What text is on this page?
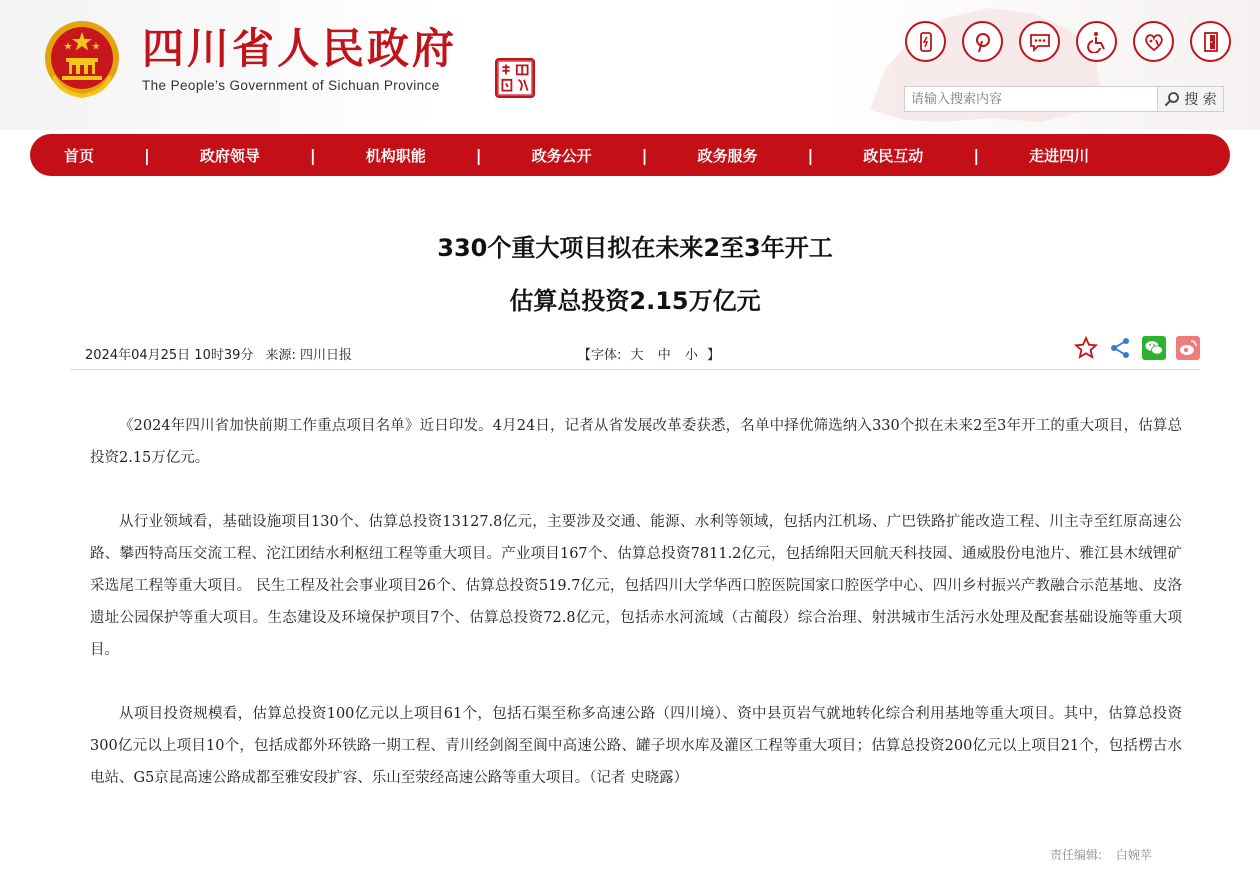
四川省人民政府
The People’s Government of Sichuan Province
请输入搜索内容
搜 索
首页	|	政府领导	|	机构职能	|	政务公开	|	政务服务	|	政民互动	|	走进四川
330个重大项目拟在未来2至3年开工
估算总投资2.15万亿元
2024年04月25日 10时39分 来源: 四川日报	【字体: 大 中 小 】

《2024年四川省加快前期工作重点项目名单》近日印发。4月24日，记者从省发展改革委获悉，名单中择优筛选纳入330个拟在未来2至3年开工的重大项目，估算总投资2.15万亿元。

从行业领域看，基础设施项目130个、估算总投资13127.8亿元，主要涉及交通、能源、水利等领域，包括内江机场、广巴铁路扩能改造工程、川主寺至红原高速公路、攀西特高压交流工程、沱江团结水利枢纽工程等重大项目。产业项目167个、估算总投资7811.2亿元，包括绵阳天回航天科技园、通威股份电池片、雅江县木绒锂矿采选尾工程等重大项目。 民生工程及社会事业项目26个、估算总投资519.7亿元，包括四川大学华西口腔医院国家口腔医学中心、四川乡村振兴产教融合示范基地、皮洛遗址公园保护等重大项目。生态建设及环境保护项目7个、估算总投资72.8亿元，包括赤水河流域（古蔺段）综合治理、射洪城市生活污水处理及配套基础设施等重大项目。

从项目投资规模看，估算总投资100亿元以上项目61个，包括石渠至称多高速公路（四川境）、资中县页岩气就地转化综合利用基地等重大项目。其中，估算总投资300亿元以上项目10个，包括成都外环铁路一期工程、青川经剑阁至阆中高速公路、罐子坝水库及灌区工程等重大项目；估算总投资200亿元以上项目21个，包括楞古水电站、G5京昆高速公路成都至雅安段扩容、乐山至荥经高速公路等重大项目。（记者 史晓露）

责任编辑: 白婉苹
